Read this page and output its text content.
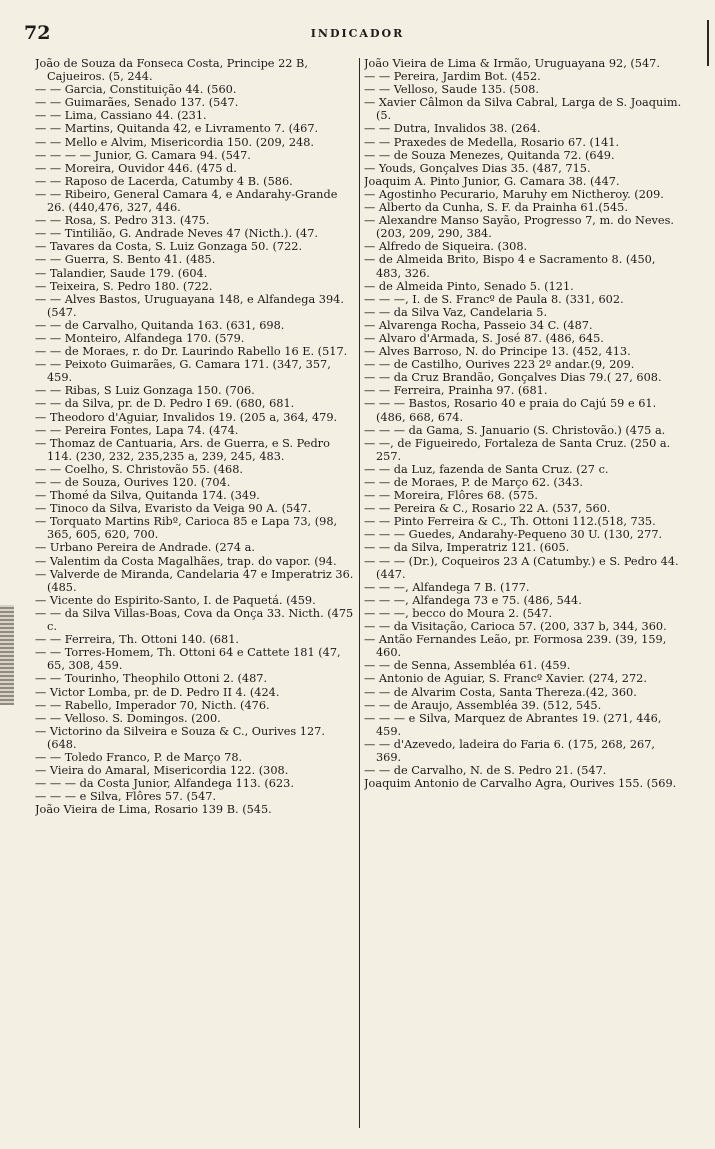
72	INDICADOR

João de Souza da Fonseca Costa, Principe 22 B, Cajueiros. (5, 244.

— — Garcia, Constituição 44. (560.

— — Guimarães, Senado 137. (547.

— — Lima, Cassiano 44. (231.

— — Martins, Quitanda 42, e Livramento 7. (467.

— — Mello e Alvim, Misericordia 150. (209, 248.

— — — — Junior, G. Camara 94. (547.

— — Moreira, Ouvidor 446. (475 d.

— — Raposo de Lacerda, Catumby 4 B. (586.

— — Ribeiro, General Camara 4, e Andarahy-Grande 26. (440,476, 327, 446.

— — Rosa, S. Pedro 313. (475.

— — Tintilião, G. Andrade Neves 47 (Nicth.). (47.

— Tavares da Costa, S. Luiz Gonzaga 50. (722.

— — Guerra, S. Bento 41. (485.

— Talandier, Saude 179. (604.

— Teixeira, S. Pedro 180. (722.

— — Alves Bastos, Uruguayana 148, e Alfandega 394. (547.

— — de Carvalho, Quitanda 163. (631, 698.

— — Monteiro, Alfandega 170. (579.

— — de Moraes, r. do Dr. Laurindo Rabello 16 E. (517.

— — Peixoto Guimarães, G. Camara 171. (347, 357, 459.

— — Ribas, S Luiz Gonzaga 150. (706.

— — da Silva, pr. de D. Pedro I 69. (680, 681.

— Theodoro d'Aguiar, Invalidos 19. (205 a, 364, 479.

— — Pereira Fontes, Lapa 74. (474.

— Thomaz de Cantuaria, Ars. de Guerra, e S. Pedro 114. (230, 232, 235,235 a, 239, 245, 483.

— — Coelho, S. Christovão 55. (468.

— — de Souza, Ourives 120. (704.

— Thomé da Silva, Quitanda 174. (349.

— Tinoco da Silva, Evaristo da Veiga 90 A. (547.

— Torquato Martins Ribº, Carioca 85 e Lapa 73, (98, 365, 605, 620, 700.

— Urbano Pereira de Andrade. (274 a.

— Valentim da Costa Magalhães, trap. do vapor. (94.

— Valverde de Miranda, Candelaria 47 e Imperatriz 36. (485.

— Vicente do Espirito-Santo, I. de Paquetá. (459.

— — da Silva Villas-Boas, Cova da Onça 33. Nicth. (475 c.

— — Ferreira, Th. Ottoni 140. (681.

— — Torres-Homem, Th. Ottoni 64 e Cattete 181 (47, 65, 308, 459.

— — Tourinho, Theophilo Ottoni 2. (487.

— Victor Lomba, pr. de D. Pedro II 4. (424.

— — Rabello, Imperador 70, Nicth. (476.

— — Velloso. S. Domingos. (200.

— Victorino da Silveira e Souza & C., Ourives 127. (648.

— — Toledo Franco, P. de Março 78.

— Vieira do Amaral, Misericordia 122. (308.

— — — da Costa Junior, Alfandega 113. (623.

— — — e Silva, Flôres 57. (547.

João Vieira de Lima, Rosario 139 B. (545.

João Vieira de Lima & Irmão, Uruguayana 92, (547.

— — Pereira, Jardim Bot. (452.

— — Velloso, Saude 135. (508.

— Xavier Câlmon da Silva Cabral, Larga de S. Joaquim. (5.

— — Dutra, Invalidos 38. (264.

— — Praxedes de Medella, Rosario 67. (141.

— — de Souza Menezes, Quitanda 72. (649.

— Youds, Gonçalves Dias 35. (487, 715.

Joaquim A. Pinto Junior, G. Camara 38. (447.

— Agostinho Pecurario, Maruhy em Nictheroy. (209.

— Alberto da Cunha, S. F. da Prainha 61.(545.

— Alexandre Manso Sayão, Progresso 7, m. do Neves. (203, 209, 290, 384.

— Alfredo de Siqueira. (308.

— de Almeida Brito, Bispo 4 e Sacramento 8. (450, 483, 326.

— de Almeida Pinto, Senado 5. (121.

— — —, I. de S. Francº de Paula 8. (331, 602.

— — da Silva Vaz, Candelaria 5.

— Alvarenga Rocha, Passeio 34 C. (487.

— Alvaro d'Armada, S. José 87. (486, 645.

— Alves Barroso, N. do Principe 13. (452, 413.

— — de Castilho, Ourives 223 2º andar.(9, 209.

— — da Cruz Brandão, Gonçalves Dias 79.( 27, 608.

— — Ferreira, Prainha 97. (681.

— — — Bastos, Rosario 40 e praia do Cajú 59 e 61. (486, 668, 674.

— — — da Gama, S. Januario (S. Christovão.) (475 a.

— —, de Figueiredo, Fortaleza de Santa Cruz. (250 a. 257.

— — da Luz, fazenda de Santa Cruz. (27 c.

— — de Moraes, P. de Março 62. (343.

— — Moreira, Flôres 68. (575.

— — Pereira & C., Rosario 22 A. (537, 560.

— — Pinto Ferreira & C., Th. Ottoni 112.(518, 735.

— — — Guedes, Andarahy-Pequeno 30 U. (130, 277.

— — da Silva, Imperatriz 121. (605.

— — — (Dr.), Coqueiros 23 A (Catumby.) e S. Pedro 44. (447.

— — —, Alfandega 7 B. (177.

— — —, Alfandega 73 e 75. (486, 544.

— — —, becco do Moura 2. (547.

— — da Visitação, Carioca 57. (200, 337 b, 344, 360.

— Antão Fernandes Leão, pr. Formosa 239. (39, 159, 460.

— — de Senna, Assembléa 61. (459.

— Antonio de Aguiar, S. Francº Xavier. (274, 272.

— — de Alvarim Costa, Santa Thereza.(42, 360.

— — de Araujo, Assembléa 39. (512, 545.

— — — e Silva, Marquez de Abrantes 19. (271, 446, 459.

— — d'Azevedo, ladeira do Faria 6. (175, 268, 267, 369.

— — de Carvalho, N. de S. Pedro 21. (547.

Joaquim Antonio de Carvalho Agra, Ourives 155. (569.
